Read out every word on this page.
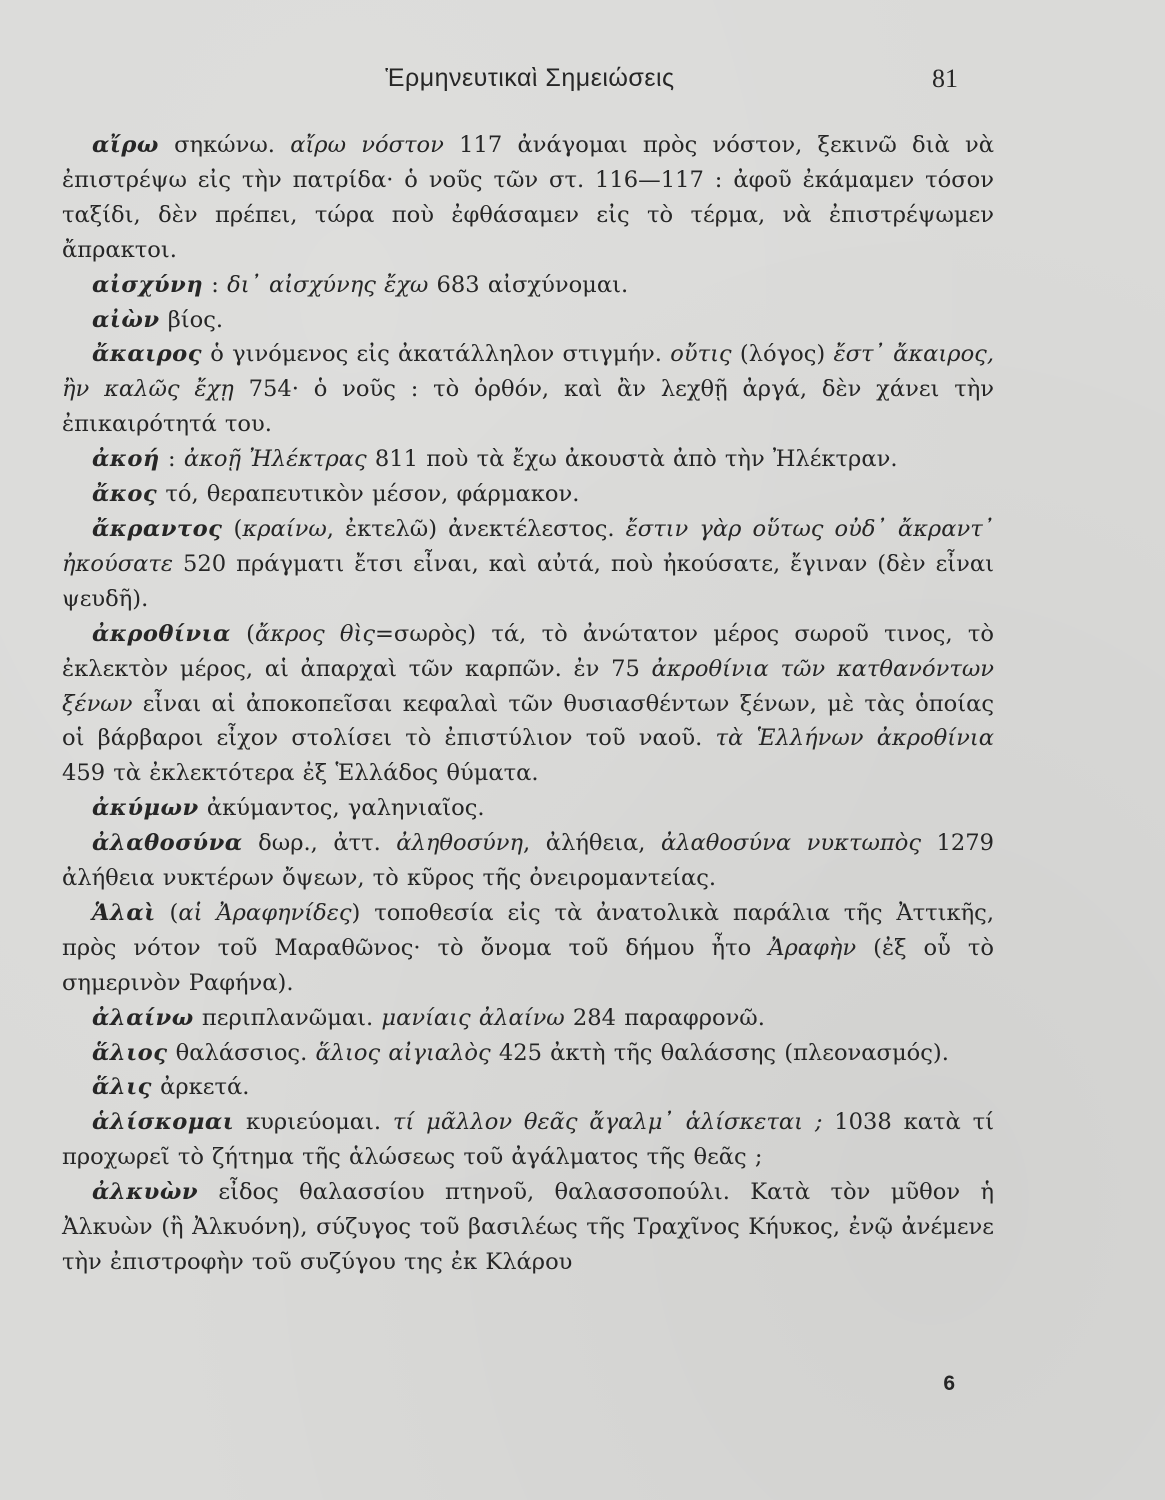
Ἑρμηνευτικαὶ Σημειώσεις	81

αἴρω σηκώνω. αἴρω νόστον 117 ἀνάγομαι πρὸς νόστον, ξεκινῶ διὰ νὰ ἐπιστρέψω εἰς τὴν πατρίδα· ὁ νοῦς τῶν στ. 116—117 : ἀφοῦ ἐκάμαμεν τόσον ταξίδι, δὲν πρέπει, τώρα ποὺ ἐφθάσαμεν εἰς τὸ τέρμα, νὰ ἐπιστρέψωμεν ἄπρακτοι.

αἰσχύνη : δι᾽ αἰσχύνης ἔχω 683 αἰσχύνομαι.

αἰὼν βίος.

ἄκαιρος ὁ γινόμενος εἰς ἀκατάλληλον στιγμήν. οὔτις (λόγος) ἔστ᾽ ἄκαιρος, ἢν καλῶς ἔχῃ 754· ὁ νοῦς : τὸ ὀρθόν, καὶ ἂν λεχθῇ ἀργά, δὲν χάνει τὴν ἐπικαιρότητά του.

ἀκοή : ἀκοῇ Ἠλέκτρας 811 ποὺ τὰ ἔχω ἀκουστὰ ἀπὸ τὴν Ἠλέκτραν.

ἄκος τό, θεραπευτικὸν μέσον, φάρμακον.

ἄκραντος (κραίνω, ἐκτελῶ) ἀνεκτέλεστος. ἔστιν γὰρ οὕτως οὐδ᾽ ἄκραντ᾽ ἠκούσατε 520 πράγματι ἔτσι εἶναι, καὶ αὐτά, ποὺ ἠκούσατε, ἔγιναν (δὲν εἶναι ψευδῆ).

ἀκροθίνια (ἄκρος θὶς=σωρὸς) τά, τὸ ἀνώτατον μέρος σωροῦ τινος, τὸ ἐκλεκτὸν μέρος, αἱ ἀπαρχαὶ τῶν καρπῶν. ἐν 75 ἀκροθίνια τῶν κατθανόντων ξένων εἶναι αἱ ἀποκοπεῖσαι κεφαλαὶ τῶν θυσιασθέντων ξένων, μὲ τὰς ὁποίας οἱ βάρβαροι εἶχον στολίσει τὸ ἐπιστύλιον τοῦ ναοῦ. τὰ Ἑλλήνων ἀκροθίνια 459 τὰ ἐκλεκτότερα ἐξ Ἑλλάδος θύματα.

ἀκύμων ἀκύμαντος, γαληνιαῖος.

ἀλαθοσύνα δωρ., ἀττ. ἀληθοσύνη, ἀλήθεια, ἀλαθοσύνα νυκτωπὸς 1279 ἀλήθεια νυκτέρων ὄψεων, τὸ κῦρος τῆς ὀνειρομαντείας.

Ἁλαὶ (αἱ Ἀραφηνίδες) τοποθεσία εἰς τὰ ἀνατολικὰ παράλια τῆς Ἀττικῆς, πρὸς νότον τοῦ Μαραθῶνος· τὸ ὄνομα τοῦ δήμου ἦτο Ἀραφὴν (ἐξ οὗ τὸ σημερινὸν Ραφήνα).

ἀλαίνω περιπλανῶμαι. μανίαις ἀλαίνω 284 παραφρονῶ.

ἅλιος θαλάσσιος. ἅλιος αἰγιαλὸς 425 ἀκτὴ τῆς θαλάσσης (πλεονασμός).

ἅλις ἀρκετά.

ἁλίσκομαι κυριεύομαι. τί μᾶλλον θεᾶς ἄγαλμ᾽ ἁλίσκεται ; 1038 κατὰ τί προχωρεῖ τὸ ζήτημα τῆς ἁλώσεως τοῦ ἀγάλματος τῆς θεᾶς ;

ἀλκυὼν εἶδος θαλασσίου πτηνοῦ, θαλασσοπούλι. Κατὰ τὸν μῦθον ἡ Ἀλκυὼν (ἢ Ἀλκυόνη), σύζυγος τοῦ βασιλέως τῆς Τραχῖνος Κήυκος, ἐνῷ ἀνέμενε τὴν ἐπιστροφὴν τοῦ συζύγου της ἐκ Κλάρου

6
